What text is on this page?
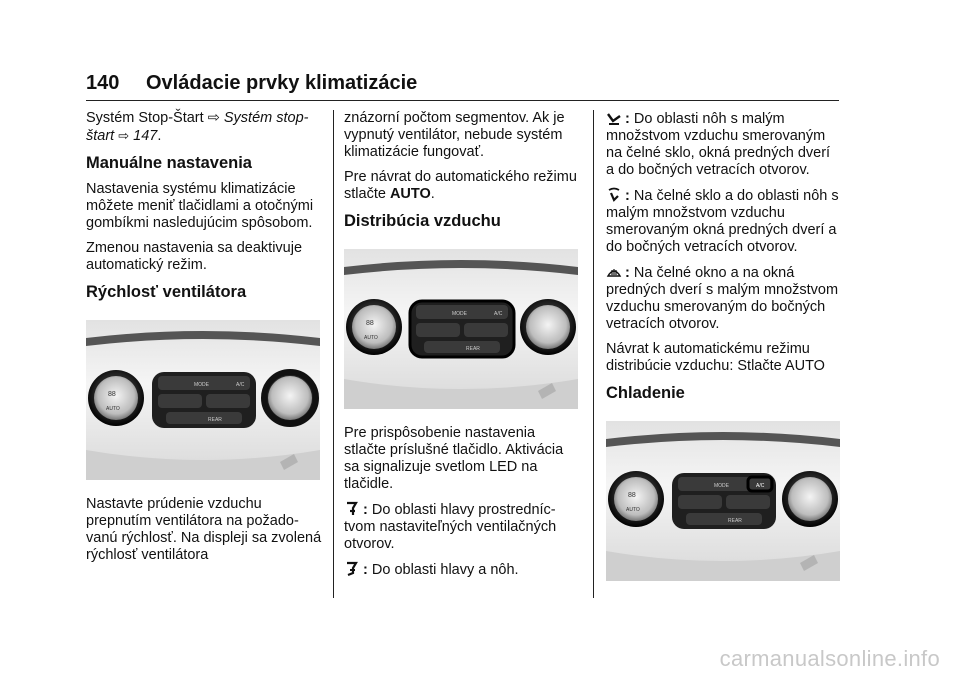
140 Ovládacie prvky klimatizácie

Systém Stop-Štart ⇨ Systém stop-štart ⇨ 147.

Manuálne nastavenia

Nastavenia systému klimatizácie môžete meniť tlačidlami a otočnými gombíkmi nasledujúcim spôsobom.

Zmenou nastavenia sa deaktivuje automatický režim.

Rýchlosť ventilátora
88
AUTO
MODE
REAR
A/C

Nastavte prúdenie vzduchu prepnutím ventilátora na požado- vanú rýchlosť. Na displeji sa zvolená rýchlosť ventilátora

znázorní počtom segmentov. Ak je vypnutý ventilátor, nebude systém klimatizácie fungovať.

Pre návrat do automatického režimu stlačte AUTO.

Distribúcia vzduchu
88
AUTO
MODE
REAR
A/C

Pre prispôsobenie nastavenia stlačte príslušné tlačidlo. Aktivácia sa signalizuje svetlom LED na tlačidle.

: Do oblasti hlavy prostredníc- tvom nastaviteľných ventilačných otvorov.

: Do oblasti hlavy a nôh.

: Do oblasti nôh s malým množstvom vzduchu smerovaným na čelné sklo, okná predných dverí a do bočných vetracích otvorov.

: Na čelné sklo a do oblasti nôh s malým množstvom vzduchu smerovaným okná predných dverí a do bočných vetracích otvorov.

: Na čelné okno a na okná predných dverí s malým množstvom vzduchu smerovaným do bočných vetracích otvorov.

Návrat k automatickému režimu distribúcie vzduchu: Stlačte AUTO

Chladenie
88
AUTO
MODE
REAR
A/C
carmanualsonline.info
